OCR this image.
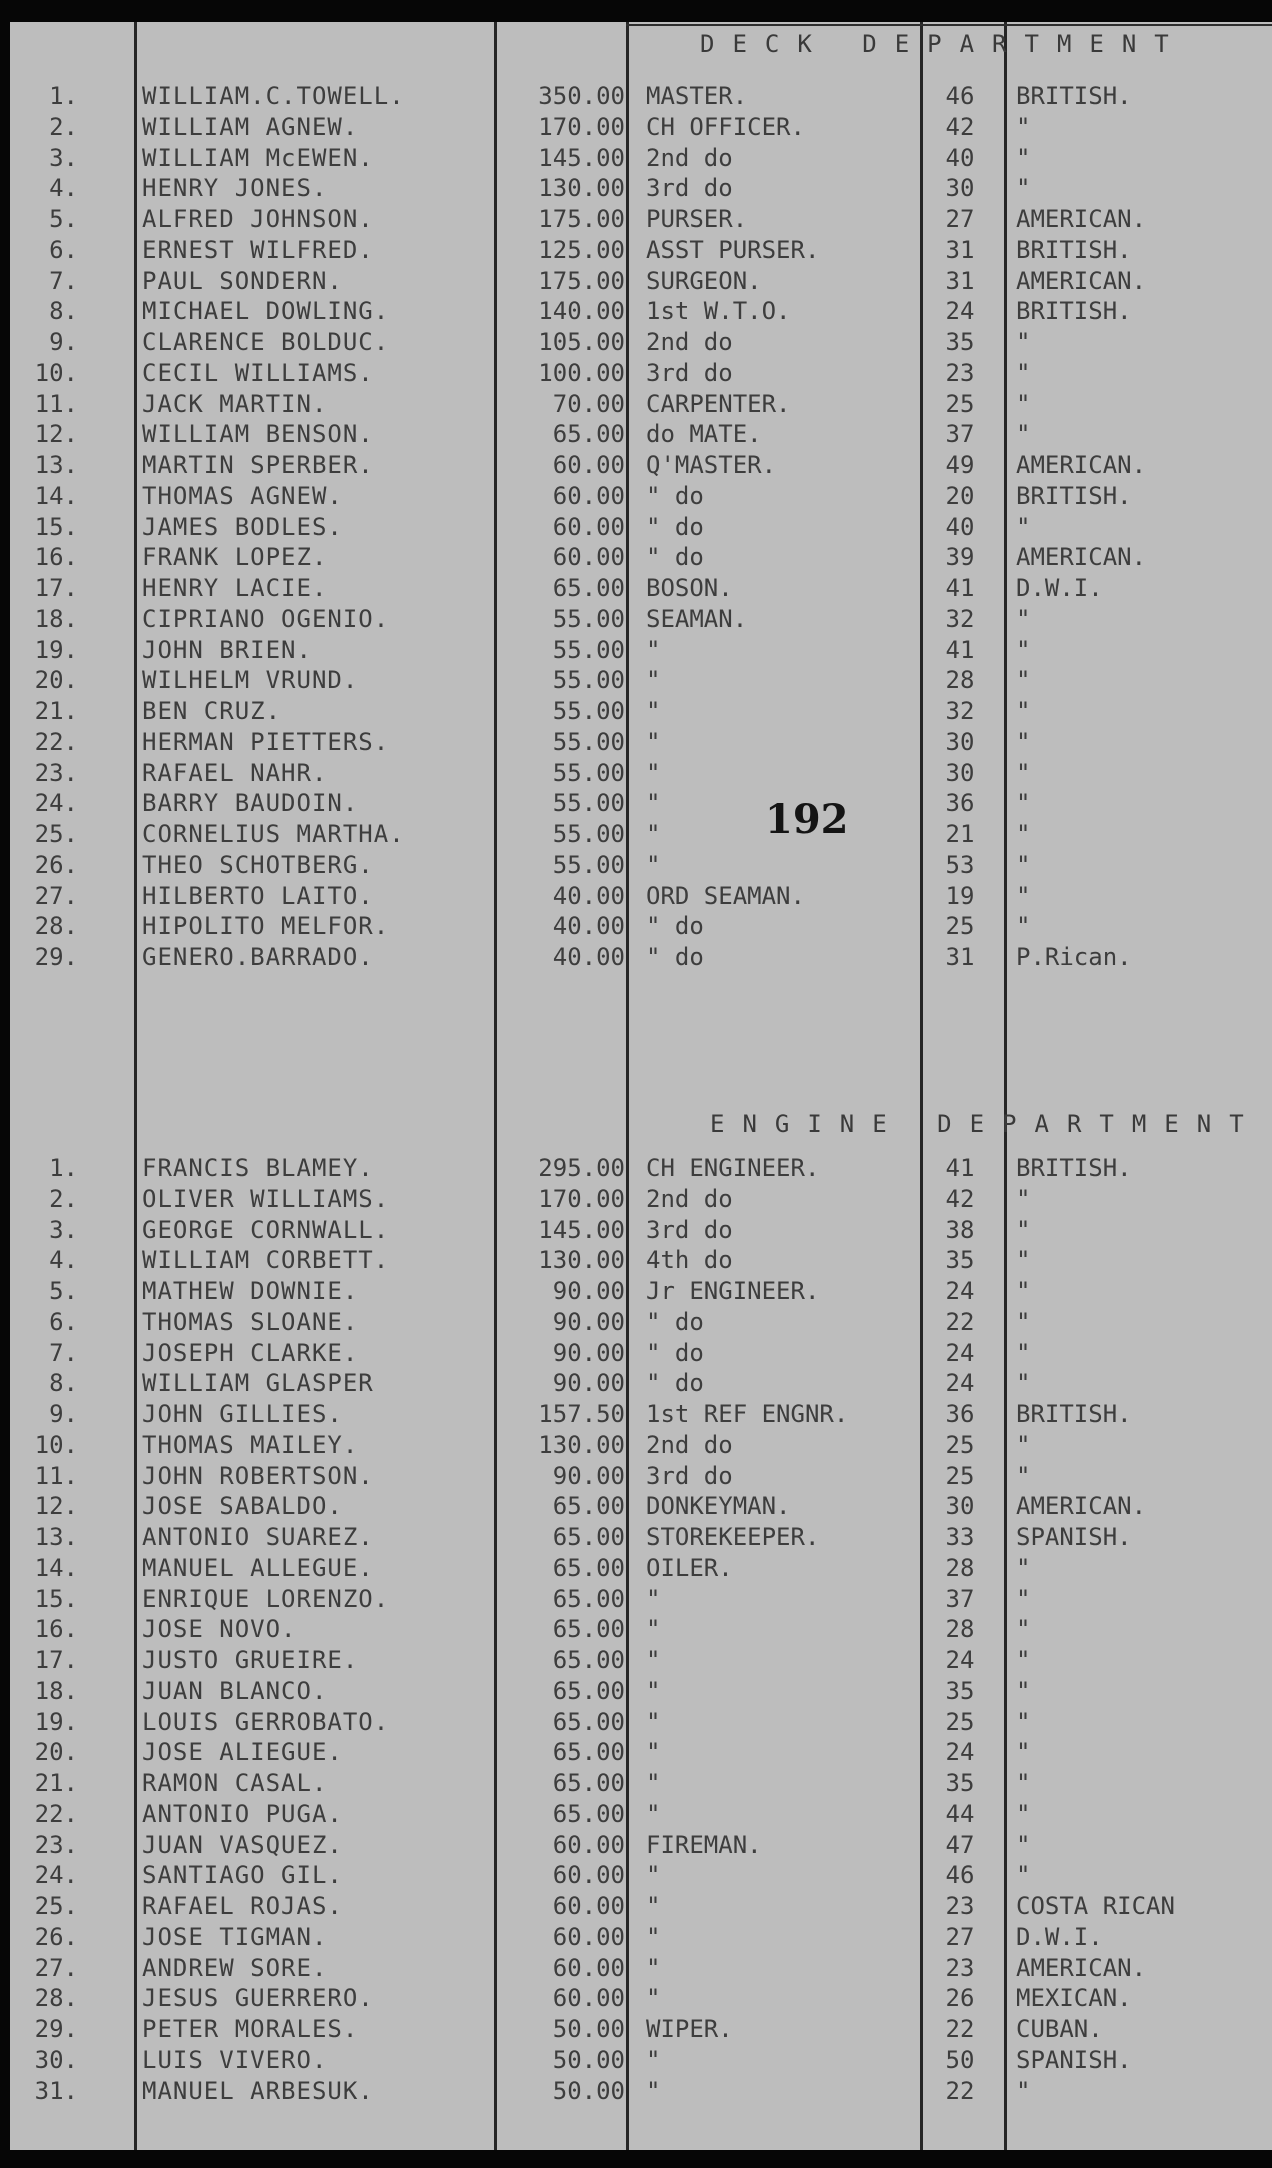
DECK DEPARTMENT
ENGINE DEPARTMENT
1.	WILLIAM.C.TOWELL.	350.00 MASTER.	46	BRITISH.
2.	WILLIAM AGNEW.	170.00 CH OFFICER.	42	"
3.	WILLIAM McEWEN.	145.00 2nd do	40	"
4.	HENRY JONES.	130.00 3rd do	30	"
5.	ALFRED JOHNSON.	175.00 PURSER.	27	AMERICAN.
6.	ERNEST WILFRED.	125.00 ASST PURSER.	31	BRITISH.
7.	PAUL SONDERN.	175.00 SURGEON.	31	AMERICAN.
8.	MICHAEL DOWLING.	140.00 1st W.T.O.	24	BRITISH.
9.	CLARENCE BOLDUC.	105.00 2nd do	35	"
10.	CECIL WILLIAMS.	100.00 3rd do	23	"
11.	JACK MARTIN.	70.00 CARPENTER.	25	"
12.	WILLIAM BENSON.	65.00 do MATE.	37	"
13.	MARTIN SPERBER.	60.00 Q'MASTER.	49	AMERICAN.
14.	THOMAS AGNEW.	60.00 " do	20	BRITISH.
15.	JAMES BODLES.	60.00 " do	40	"
16.	FRANK LOPEZ.	60.00 " do	39	AMERICAN.
17.	HENRY LACIE.	65.00 BOSON.	41	D.W.I.
18.	CIPRIANO OGENIO.	55.00 SEAMAN.	32	"
19.	JOHN BRIEN.	55.00 "	41	"
20.	WILHELM VRUND.	55.00 "	28	"
21.	BEN CRUZ.	55.00 "	32	"
22.	HERMAN PIETTERS.	55.00 "	30	"
23.	RAFAEL NAHR.	55.00 "	30	"
24.	BARRY BAUDOIN.	55.00 "	36	"
25.	CORNELIUS MARTHA.	55.00 "	21	"
26.	THEO SCHOTBERG.	55.00 "	53	"
27.	HILBERTO LAITO.	40.00 ORD SEAMAN.	19	"
28.	HIPOLITO MELFOR.	40.00 " do	25	"
29.	GENERO.BARRADO.	40.00 " do	31	P.Rican.
1.	FRANCIS BLAMEY.	295.00 CH ENGINEER.	41	BRITISH.
2.	OLIVER WILLIAMS.	170.00 2nd do	42	"
3.	GEORGE CORNWALL.	145.00 3rd do	38	"
4.	WILLIAM CORBETT.	130.00 4th do	35	"
5.	MATHEW DOWNIE.	90.00 Jr ENGINEER.	24	"
6.	THOMAS SLOANE.	90.00 " do	22	"
7.	JOSEPH CLARKE.	90.00 " do	24	"
8.	WILLIAM GLASPER	90.00 " do	24	"
9.	JOHN GILLIES.	157.50 1st REF ENGNR.	36	BRITISH.
10.	THOMAS MAILEY.	130.00 2nd do	25	"
11.	JOHN ROBERTSON.	90.00 3rd do	25	"
12.	JOSE SABALDO.	65.00 DONKEYMAN.	30	AMERICAN.
13.	ANTONIO SUAREZ.	65.00 STOREKEEPER.	33	SPANISH.
14.	MANUEL ALLEGUE.	65.00 OILER.	28	"
15.	ENRIQUE LORENZO.	65.00 "	37	"
16.	JOSE NOVO.	65.00 "	28	"
17.	JUSTO GRUEIRE.	65.00 "	24	"
18.	JUAN BLANCO.	65.00 "	35	"
19.	LOUIS GERROBATO.	65.00 "	25	"
20.	JOSE ALIEGUE.	65.00 "	24	"
21.	RAMON CASAL.	65.00 "	35	"
22.	ANTONIO PUGA.	65.00 "	44	"
23.	JUAN VASQUEZ.	60.00 FIREMAN.	47	"
24.	SANTIAGO GIL.	60.00 "	46	"
25.	RAFAEL ROJAS.	60.00 "	23	COSTA RICAN
26.	JOSE TIGMAN.	60.00 "	27	D.W.I.
27.	ANDREW SORE.	60.00 "	23	AMERICAN.
28.	JESUS GUERRERO.	60.00 "	26	MEXICAN.
29.	PETER MORALES.	50.00 WIPER.	22	CUBAN.
30.	LUIS VIVERO.	50.00 "	50	SPANISH.
31.	MANUEL ARBESUK.	50.00 "	22	"
192
